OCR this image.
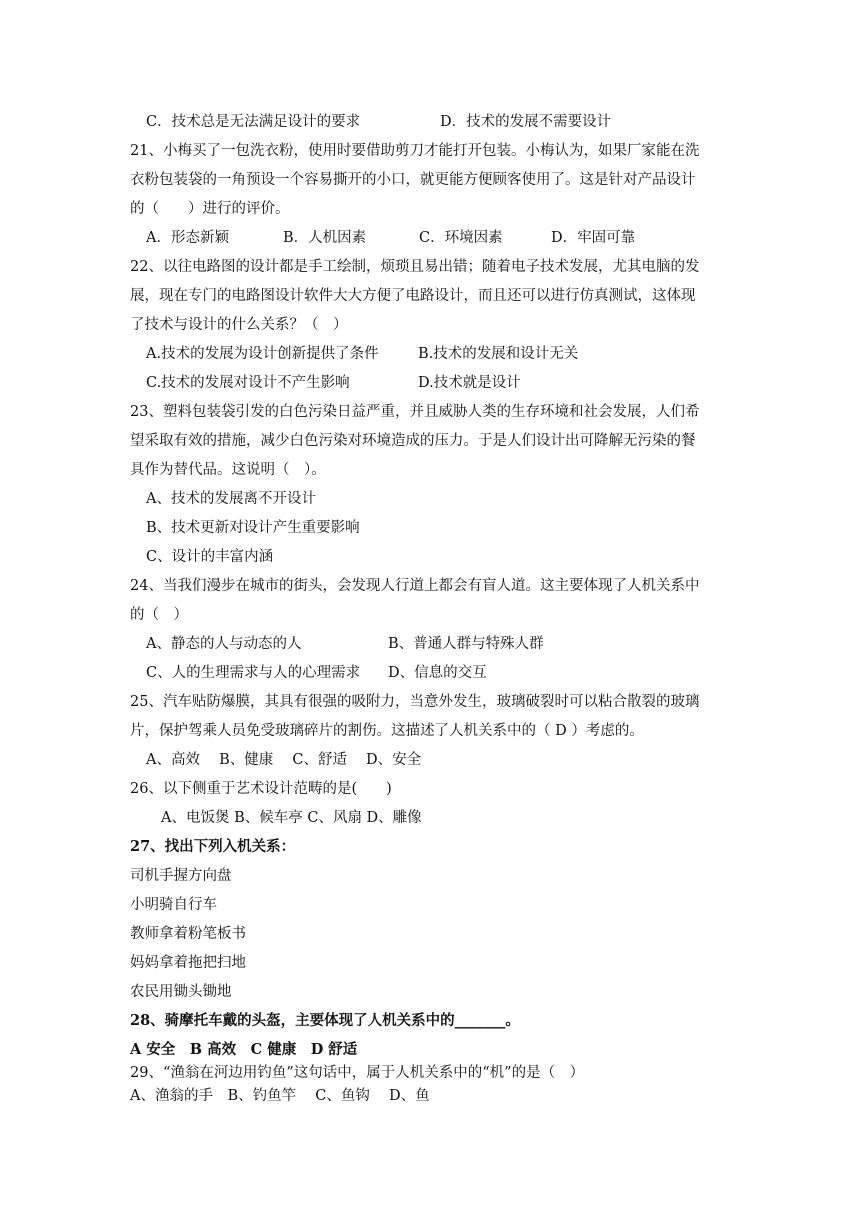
C．技术总是无法满足设计的要求	D．技术的发展不需要设计
21、小梅买了一包洗衣粉，使用时要借助剪刀才能打开包装。小梅认为，如果厂家能在洗
衣粉包装袋的一角预设一个容易撕开的小口，就更能方便顾客使用了。这是针对产品设计
的（　　）进行的评价。
A．形态新颖	B．人机因素	C．环境因素	D．牢固可靠
22、以往电路图的设计都是手工绘制，烦琐且易出错；随着电子技术发展，尤其电脑的发
展，现在专门的电路图设计软件大大方便了电路设计，而且还可以进行仿真测试，这体现
了技术与设计的什么关系？（　）
A.技术的发展为设计创新提供了条件	B.技术的发展和设计无关
C.技术的发展对设计不产生影响	D.技术就是设计
23、塑料包装袋引发的白色污染日益严重，并且威胁人类的生存环境和社会发展，人们希
望采取有效的措施，减少白色污染对环境造成的压力。于是人们设计出可降解无污染的餐
具作为替代品。这说明（　）。
A、技术的发展离不开设计
B、技术更新对设计产生重要影响
C、设计的丰富内涵
24、当我们漫步在城市的街头，会发现人行道上都会有盲人道。这主要体现了人机关系中
的（　）
A、静态的人与动态的人	B、普通人群与特殊人群
C、人的生理需求与人的心理需求 D、信息的交互
25、汽车贴防爆膜，其具有很强的吸附力，当意外发生，玻璃破裂时可以粘合散裂的玻璃
片，保护驾乘人员免受玻璃碎片的割伤。这描述了人机关系中的（ D ）考虑的。
A、高效　 B、健康　 C、舒适　 D、安全
26、以下侧重于艺术设计范畴的是(　　)
A、电饭煲 B、候车亭 C、风扇 D、雕像
27、找出下列入机关系：
司机手握方向盘
小明骑自行车
教师拿着粉笔板书
妈妈拿着拖把扫地
农民用锄头锄地
28、骑摩托车戴的头盔，主要体现了人机关系中的_______。
A 安全　B 高效　C 健康　D 舒适
29、“渔翁在河边用钓鱼”这句话中，属于人机关系中的“机”的是（　）
A、渔翁的手　B、钓鱼竿　 C、鱼钩　 D、鱼
